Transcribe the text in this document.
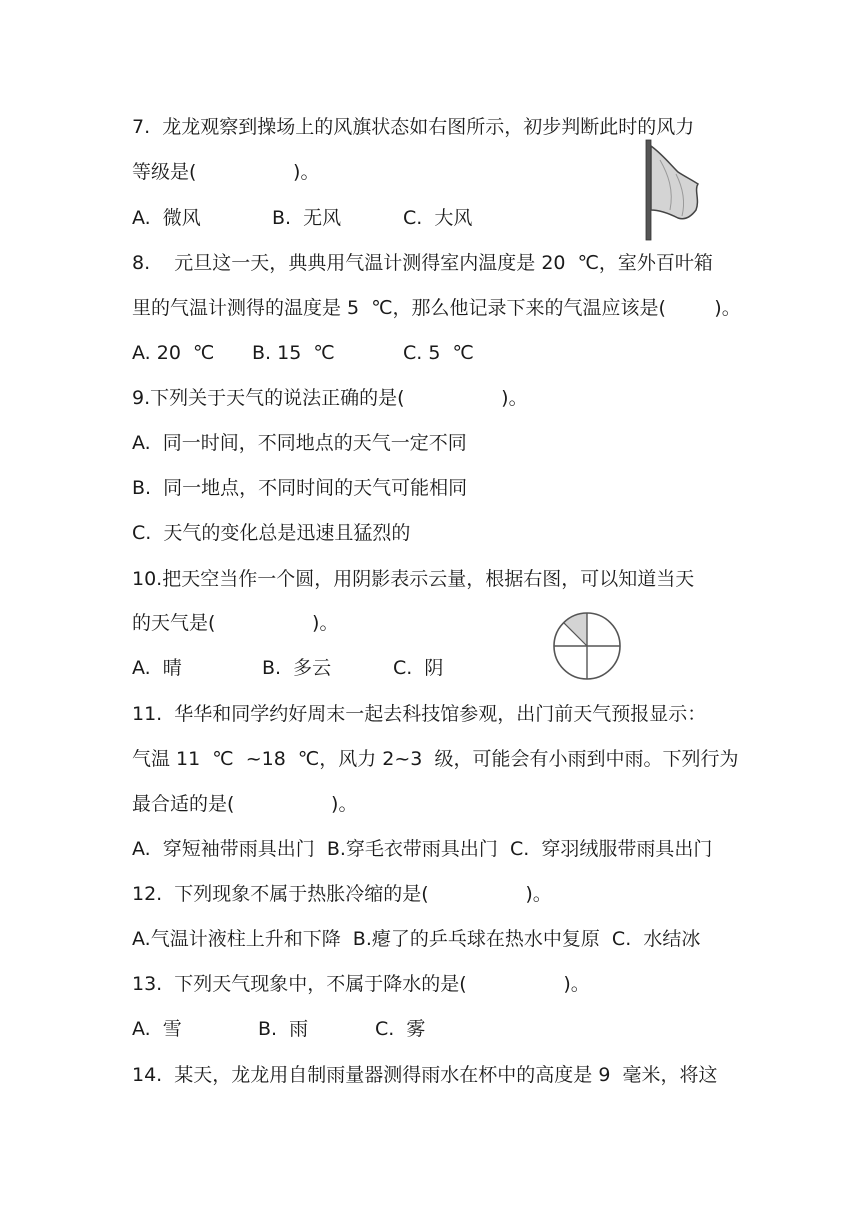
7.  龙龙观察到操场上的风旗状态如右图所示，初步判断此时的风力
等级是(                )。
A.  微风	B.  无风	C.  大风
8.    元旦这一天，典典用气温计测得室内温度是 20  ℃，室外百叶箱
里的气温计测得的温度是 5  ℃，那么他记录下来的气温应该是(        )。
A. 20  ℃ B. 15  ℃	C. 5  ℃
9.下列关于天气的说法正确的是(                )。
A.  同一时间，不同地点的天气一定不同
B.  同一地点，不同时间的天气可能相同
C.  天气的变化总是迅速且猛烈的
10.把天空当作一个圆，用阴影表示云量，根据右图，可以知道当天
的天气是(                )。
A.  晴	B.  多云	C.  阴
11.  华华和同学约好周末一起去科技馆参观，出门前天气预报显示：
气温 11  ℃  ~18  ℃，风力 2~3  级，可能会有小雨到中雨。下列行为
最合适的是(                )。
A.  穿短袖带雨具出门  B.穿毛衣带雨具出门  C.  穿羽绒服带雨具出门
12.  下列现象不属于热胀冷缩的是(                )。
A.气温计液柱上升和下降  B.瘪了的乒乓球在热水中复原  C.  水结冰
13.  下列天气现象中，不属于降水的是(                )。
A.  雪	B.  雨	C.  雾
14.  某天，龙龙用自制雨量器测得雨水在杯中的高度是 9  毫米，将这
